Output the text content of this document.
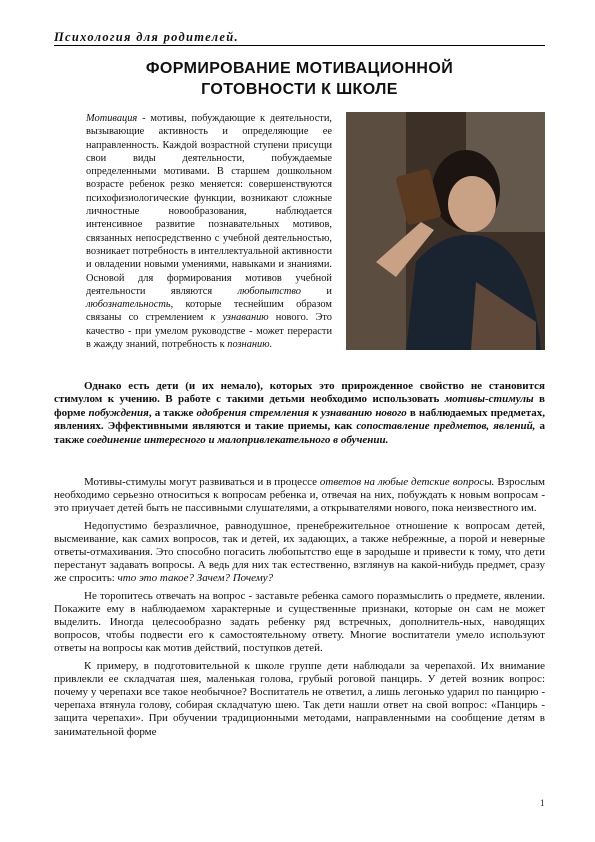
Психология для родителей.
ФОРМИРОВАНИЕ МОТИВАЦИОННОЙ
ГОТОВНОСТИ К ШКОЛЕ
Мотивация - мотивы, побуждающие к деятельности, вызывающие активность и определяющие ее направленность. Каждой возрастной ступени присущи свои виды деятельности, побуждаемые определенными мотивами. В старшем дошкольном возрасте ребенок резко меняется: совершенствуются психофизиологические функции, возникают сложные личностные новообразования, наблюдается интенсивное развитие познавательных мотивов, связанных непосредственно с учебной деятельностью, возникает потребность в интеллектуальной активности и овладении новыми умениями, навыками и знаниями. Основой для формирования мотивов учебной деятельности являются любопытство и любознательность, которые теснейшим образом связаны со стремлением к узнаванию нового. Это качество - при умелом руководстве - может перерасти в жажду знаний, потребность к познанию.

Однако есть дети (и их немало), которых это прирожденное свойство не становится стимулом к учению. В работе с такими детьми необходимо использовать мотивы-стимулы в форме побуждения, а также одобрения стремления к узнаванию нового в наблюдаемых предметах, явлениях. Эффективными являются и такие приемы, как сопоставление предметов, явлений, а также соединение интересного и малопривлекательного в обучении.

Мотивы-стимулы могут развиваться и в процессе ответов на любые детские вопросы. Взрослым необходимо серьезно относиться к вопросам ребенка и, отвечая на них, побуждать к новым вопросам - это приучает детей быть не пассивными слушателями, а открывателями нового, пока неизвестного им.

Недопустимо безразличное, равнодушное, пренебрежительное отношение к вопросам детей, высмеивание, как самих вопросов, так и детей, их задающих, а также небрежные, а порой и неверные ответы-отмахивания. Это способно погасить любопытство еще в зародыше и привести к тому, что дети перестанут задавать вопросы. А ведь для них так естественно, взглянув на какой-нибудь предмет, сразу же спросить: что это такое? Зачем? Почему?

Не торопитесь отвечать на вопрос - заставьте ребенка самого поразмыслить о предмете, явлении. Покажите ему в наблюдаемом характерные и существенные признаки, которые он сам не может выделить. Иногда целесообразно задать ребенку ряд встречных, дополнитель-ных, наводящих вопросов, чтобы подвести его к самостоятельному ответу. Многие воспитатели умело используют ответы на вопросы как мотив действий, поступков детей.

К примеру, в подготовительной к школе группе дети наблюдали за черепахой. Их внимание привлекли ее складчатая шея, маленькая голова, грубый роговой панцирь. У детей возник вопрос: почему у черепахи все такое необычное? Воспитатель не ответил, а лишь легонько ударил по панцирю - черепаха втянула голову, собирая складчатую шею. Так дети нашли ответ на свой вопрос: «Панцирь - защита черепахи». При обучении традиционными методами, направленными на сообщение детям в занимательной форме

1
